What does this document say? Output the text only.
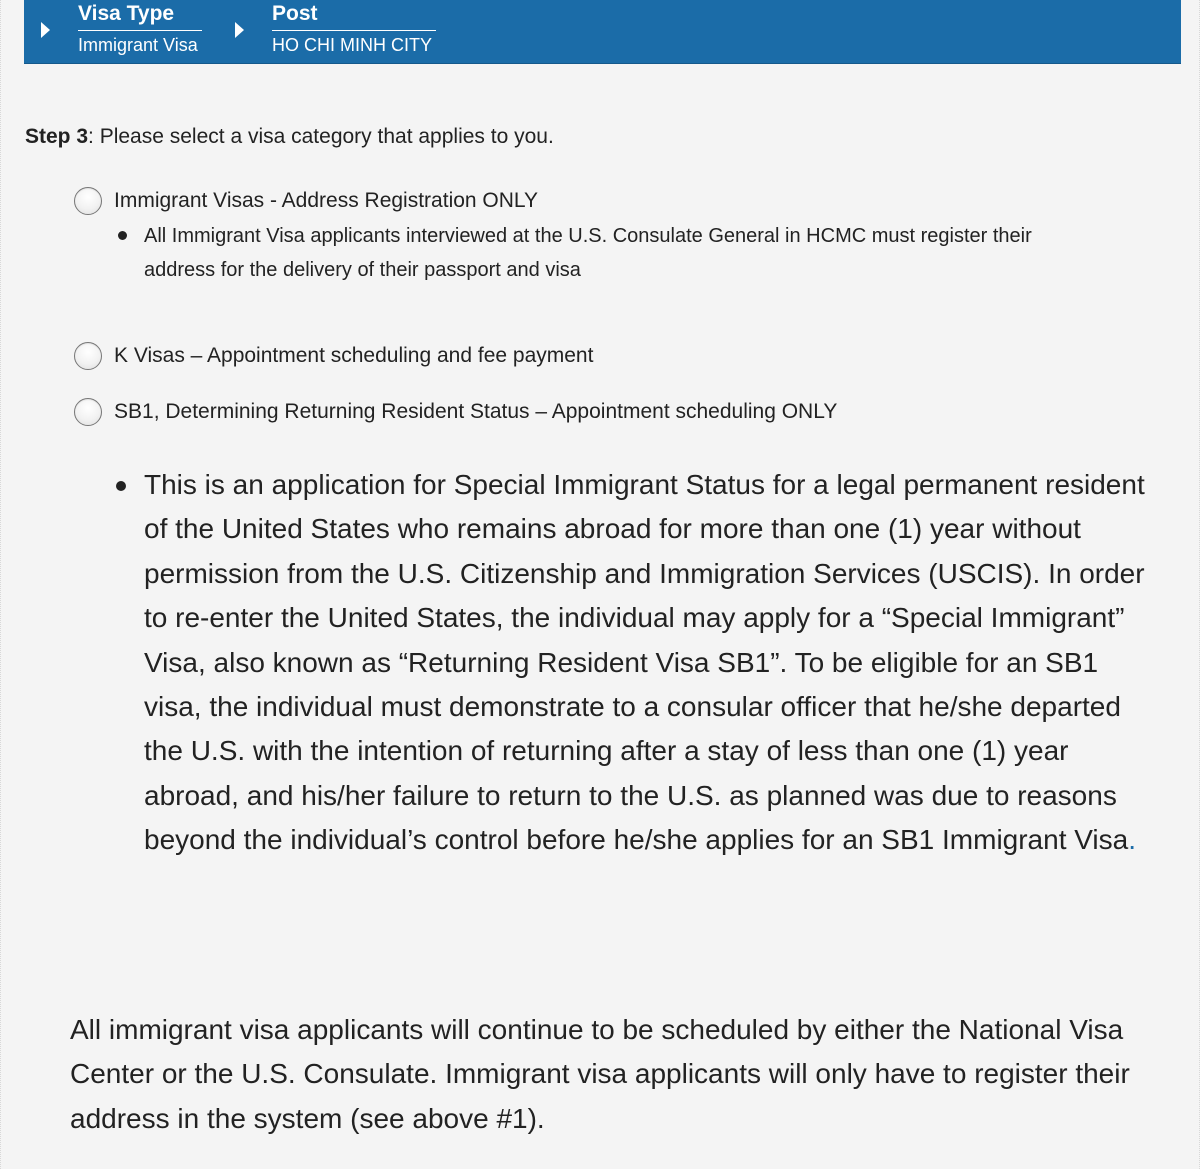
Visa Type
Immigrant Visa
Post
HO CHI MINH CITY
Step 3: Please select a visa category that applies to you.
Immigrant Visas - Address Registration ONLY
All Immigrant Visa applicants interviewed at the U.S. Consulate General in HCMC must register their address for the delivery of their passport and visa
K Visas – Appointment scheduling and fee payment
SB1, Determining Returning Resident Status – Appointment scheduling ONLY
This is an application for Special Immigrant Status for a legal permanent resident of the United States who remains abroad for more than one (1) year without permission from the U.S. Citizenship and Immigration Services (USCIS). In order to re-enter the United States, the individual may apply for a “Special Immigrant” Visa, also known as “Returning Resident Visa SB1”. To be eligible for an SB1 visa, the individual must demonstrate to a consular officer that he/she departed the U.S. with the intention of returning after a stay of less than one (1) year abroad, and his/her failure to return to the U.S. as planned was due to reasons beyond the individual’s control before he/she applies for an SB1 Immigrant Visa.
All immigrant visa applicants will continue to be scheduled by either the National Visa Center or the U.S. Consulate. Immigrant visa applicants will only have to register their address in the system (see above #1).
